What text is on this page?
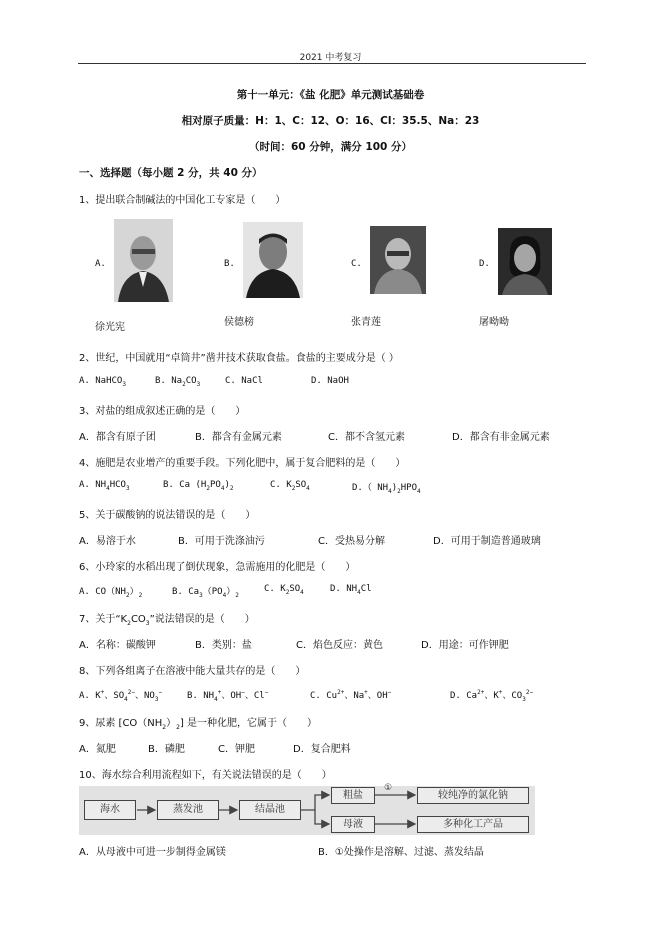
2021 中考复习
第十一单元：《盐 化肥》单元测试基础卷
相对原子质量：H：1、C：12、O：16、Cl：35.5、Na：23
（时间：60 分钟，满分 100 分）
一、选择题（每小题 2 分，共 40 分）
1、提出联合制碱法的中国化工专家是（　　）
A.
徐光宪
B.
侯德榜
C.
张青莲
D.
屠呦呦
2、世纪，中国就用“卓筒井”凿井技术获取食盐。食盐的主要成分是（ ）
A. NaHCO$_3$	B. $Na_2CO_3$	C. NaCl	D. NaOH
3、对盐的组成叙述正确的是（　　）
A．都含有原子团	B．都含有金属元素	C．都不含氢元素	D．都含有非金属元素
4、施肥是农业增产的重要手段。下列化肥中，属于复合肥料的是（　　）
A. $NH_4HCO_3$	B. Ca $(H_2PO_4)_2$	C. $K_2SO_4$	D.（ $NH_4)_2HPO_4$
5、关于碳酸钠的说法错误的是（　　）
A．易溶于水	B．可用于洗涤油污	C．受热易分解	D．可用于制造普通玻璃
6、小玲家的水稻出现了倒伏现象，急需施用的化肥是（　　）
A. $CO(NH_2)_2$	B. $Ca_3(PO_4)_2$
C. $K_2SO_4$	D. $NH_4Cl$
7、关于“$K_2CO_3$”说法错误的是（　　）
A．名称：碳酸钾	B．类别：盐	C．焰色反应：黄色	D．用途：可作钾肥
8、下列各组离子在溶液中能大量共存的是（　　）
A. K+、$SO_4^{2-}$、$NO_3^-$	B. $NH_4^+$、OH−、Cl−	C. $Cu^{2+}$、Na+、OH−	D. $Ca^{2+}$、K+、$CO_3^{2-}$
9、尿素 $[CO(NH_2)_2]$ 是一种化肥，它属于（　　）
A．氮肥	B．磷肥	C．钾肥	D．复合肥料
10、海水综合利用流程如下，有关说法错误的是（　　）
海水	蒸发池	结晶池
粗盐
①
较纯净的氯化钠
母液	多种化工产品
A．从母液中可进一步制得金属镁	B．①处操作是溶解、过滤、蒸发结晶
